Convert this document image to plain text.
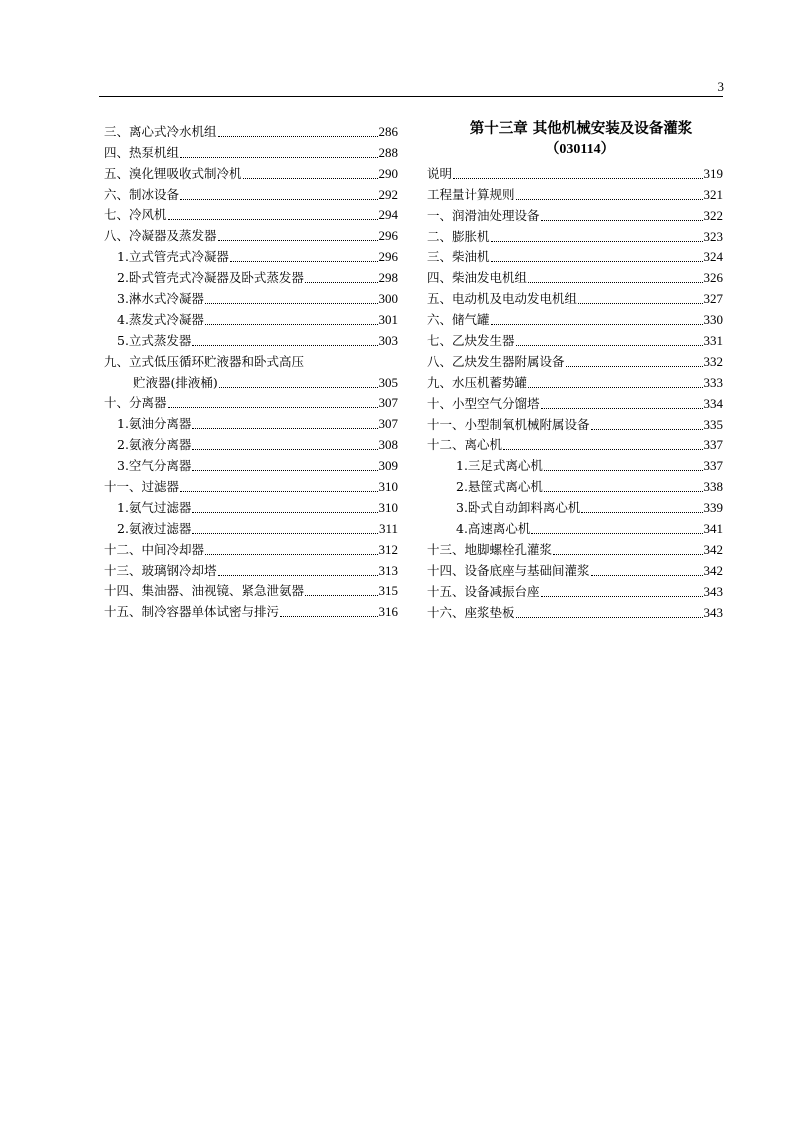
3
三、离心式冷水机组	286
四、热泵机组	288
五、溴化锂吸收式制冷机	290
六、制冰设备	292
七、冷风机	294
八、冷凝器及蒸发器	296
1.立式管壳式冷凝器	296
2.卧式管壳式冷凝器及卧式蒸发器	298
3.淋水式冷凝器	300
4.蒸发式冷凝器	301
5.立式蒸发器	303
九、立式低压循环贮液器和卧式高压
贮液器(排液桶)	305
十、分离器	307
1.氨油分离器	307
2.氨液分离器	308
3.空气分离器	309
十一、过滤器	310
1.氨气过滤器	310
2.氨液过滤器	311
十二、中间冷却器	312
十三、玻璃钢冷却塔	313
十四、集油器、油视镜、紧急泄氨器	315
十五、制冷容器单体试密与排污	316
第十三章 其他机械安装及设备灌浆
（030114）
说明	319
工程量计算规则	321
一、润滑油处理设备	322
二、膨胀机	323
三、柴油机	324
四、柴油发电机组	326
五、电动机及电动发电机组	327
六、储气罐	330
七、乙炔发生器	331
八、乙炔发生器附属设备	332
九、水压机蓄势罐	333
十、小型空气分馏塔	334
十一、小型制氧机械附属设备	335
十二、离心机	337
1.三足式离心机	337
2.悬筐式离心机	338
3.卧式自动卸料离心机	339
4.高速离心机	341
十三、地脚螺栓孔灌浆	342
十四、设备底座与基础间灌浆	342
十五、设备减振台座	343
十六、座浆垫板	343
